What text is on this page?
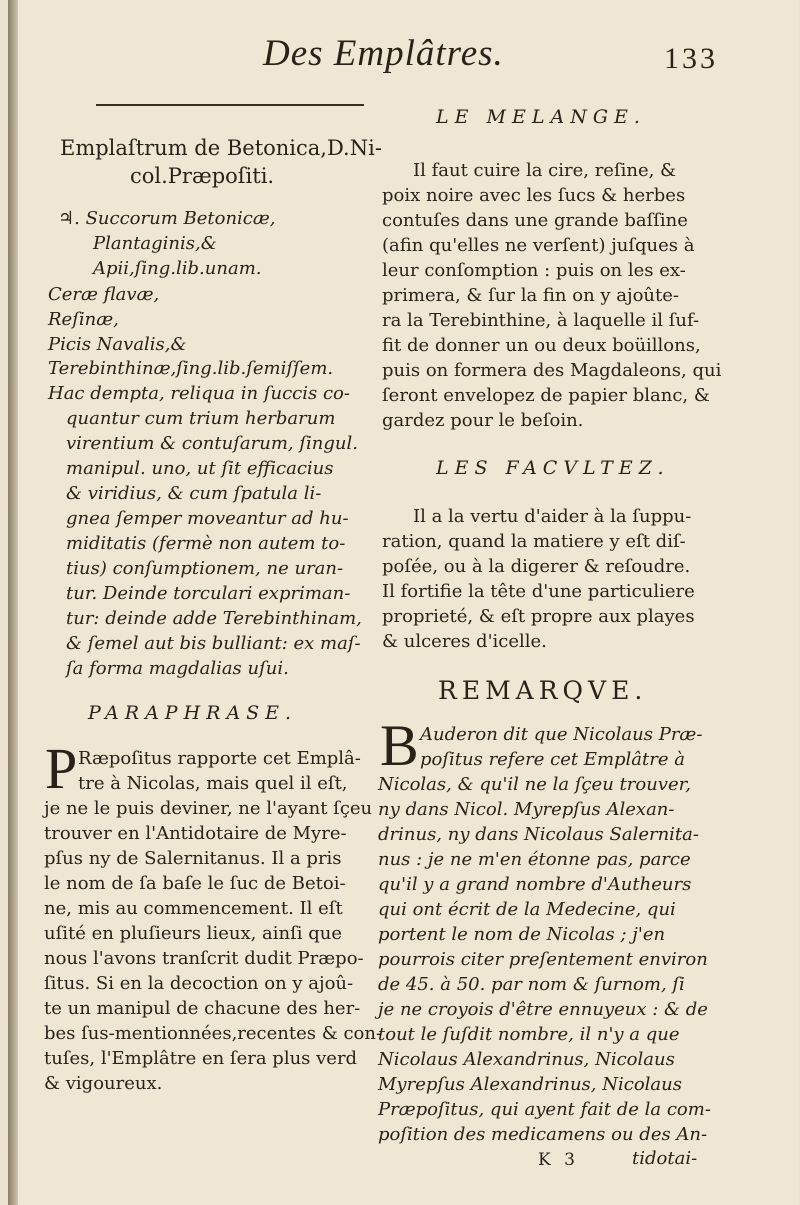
Des Emplâtres.	133
Emplaſtrum de Betonica,D.Ni-
col.Præpoſiti.
♃. Succorum Betonicæ,
Plantaginis,&
Apii,ſing.lib.unam.
Ceræ flavæ,
Reſinæ,
Picis Navalis,&
Terebinthinæ,ſing.lib.ſemiſſem.
Hac dempta, reliqua in ſuccis co-
quantur cum trium herbarum
virentium & contuſarum, ſingul.
manipul. uno, ut ſit efficacius
& viridius, & cum ſpatula li-
gnea ſemper moveantur ad hu-
miditatis (fermè non autem to-
tius) conſumptionem, ne uran-
tur. Deinde torculari expriman-
tur: deinde adde Terebinthinam,
& ſemel aut bis bulliant: ex maſ-
ſa forma magdalias uſui.
PARAPHRASE.
P Ræpoſitus rapporte cet Emplâ-
tre à Nicolas, mais quel il eſt,
je ne le puis deviner, ne l'ayant ſçeu
trouver en l'Antidotaire de Myre-
pſus ny de Salernitanus. Il a pris
le nom de ſa baſe le ſuc de Betoi-
ne, mis au commencement. Il eſt
uſité en pluſieurs lieux, ainſi que
nous l'avons tranſcrit dudit Præpo-
ſitus. Si en la decoction on y ajoû-
te un manipul de chacune des her-
bes ſus-mentionnées,recentes & con-
tuſes, l'Emplâtre en ſera plus verd
& vigoureux.
LE MELANGE.
Il faut cuire la cire, reſine, &
poix noire avec les ſucs & herbes
contuſes dans une grande baſſine
(afin qu'elles ne verſent) juſques à
leur conſomption : puis on les ex-
primera, & ſur la fin on y ajoûte-
ra la Terebinthine, à laquelle il ſuf-
fit de donner un ou deux boüillons,
puis on formera des Magdaleons, qui
ſeront envelopez de papier blanc, &
gardez pour le beſoin.
LES FACVLTEZ.
Il a la vertu d'aider à la ſuppu-
ration, quand la matiere y eſt diſ-
poſée, ou à la digerer & reſoudre.
Il fortifie la tête d'une particuliere
proprieté, & eſt propre aux playes
& ulceres d'icelle.
REMARQVE.
B Auderon dit que Nicolaus Præ-
poſitus refere cet Emplâtre à
Nicolas, & qu'il ne la ſçeu trouver,
ny dans Nicol. Myrepſus Alexan-
drinus, ny dans Nicolaus Salernita-
nus : je ne m'en étonne pas, parce
qu'il y a grand nombre d'Autheurs
qui ont écrit de la Medecine, qui
portent le nom de Nicolas ; j'en
pourrois citer preſentement environ
de 45. à 50. par nom & ſurnom, ſi
je ne croyois d'être ennuyeux : & de
tout le ſuſdit nombre, il n'y a que
Nicolaus Alexandrinus, Nicolaus
Myrepſus Alexandrinus, Nicolaus
Præpoſitus, qui ayent fait de la com-
poſition des medicamens ou des An-
K 3	tidotai-
